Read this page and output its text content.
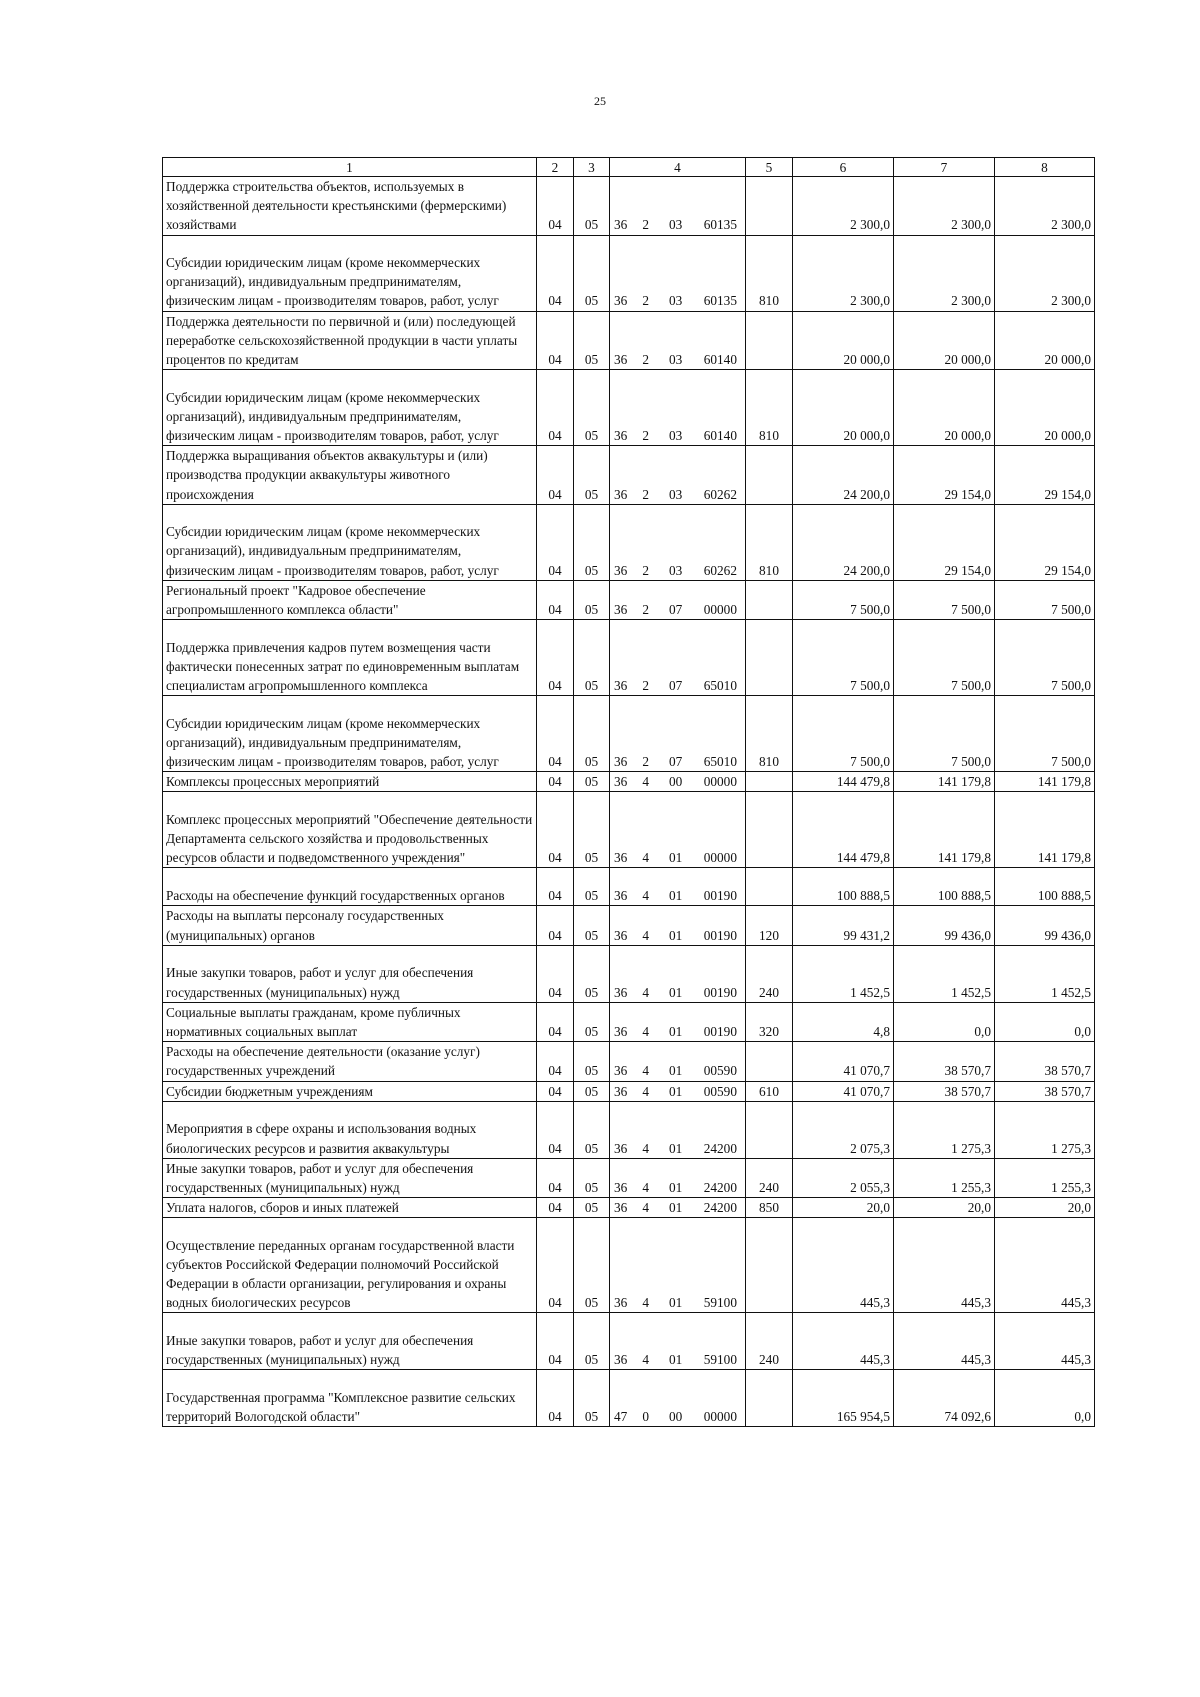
25
1	2	3	4	5	6	7	8
Поддержка строительства объектов, используемых в хозяйственной деятельности крестьянскими (фермерскими) хозяйствами	04	05	36 2 03 60135		2 300,0	2 300,0	2 300,0
Субсидии юридическим лицам (кроме некоммерческих организаций), индивидуальным предпринимателям, физическим лицам - производителям товаров, работ, услуг	04	05	36 2 03 60135	810	2 300,0	2 300,0	2 300,0
Поддержка деятельности по первичной и (или) последующей переработке сельскохозяйственной продукции в части уплаты процентов по кредитам	04	05	36 2 03 60140		20 000,0	20 000,0	20 000,0
Субсидии юридическим лицам (кроме некоммерческих организаций), индивидуальным предпринимателям, физическим лицам - производителям товаров, работ, услуг	04	05	36 2 03 60140	810	20 000,0	20 000,0	20 000,0
Поддержка выращивания объектов аквакультуры и (или) производства продукции аквакультуры животного происхождения	04	05	36 2 03 60262		24 200,0	29 154,0	29 154,0
Субсидии юридическим лицам (кроме некоммерческих организаций), индивидуальным предпринимателям, физическим лицам - производителям товаров, работ, услуг	04	05	36 2 03 60262	810	24 200,0	29 154,0	29 154,0
Региональный проект "Кадровое обеспечение агропромышленного комплекса области"	04	05	36 2 07 00000		7 500,0	7 500,0	7 500,0
Поддержка привлечения кадров путем возмещения части фактически понесенных затрат по единовременным выплатам специалистам агропромышленного комплекса	04	05	36 2 07 65010		7 500,0	7 500,0	7 500,0
Субсидии юридическим лицам (кроме некоммерческих организаций), индивидуальным предпринимателям, физическим лицам - производителям товаров, работ, услуг	04	05	36 2 07 65010	810	7 500,0	7 500,0	7 500,0
Комплексы процессных мероприятий	04	05	36 4 00 00000		144 479,8	141 179,8	141 179,8
Комплекс процессных мероприятий "Обеспечение деятельности Департамента сельского хозяйства и продовольственных ресурсов области и подведомственного учреждения"	04	05	36 4 01 00000		144 479,8	141 179,8	141 179,8
Расходы на обеспечение функций государственных органов	04	05	36 4 01 00190		100 888,5	100 888,5	100 888,5
Расходы на выплаты персоналу государственных (муниципальных) органов	04	05	36 4 01 00190	120	99 431,2	99 436,0	99 436,0
Иные закупки товаров, работ и услуг для обеспечения государственных (муниципальных) нужд	04	05	36 4 01 00190	240	1 452,5	1 452,5	1 452,5
Социальные выплаты гражданам, кроме публичных нормативных социальных выплат	04	05	36 4 01 00190	320	4,8	0,0	0,0
Расходы на обеспечение деятельности (оказание услуг) государственных учреждений	04	05	36 4 01 00590		41 070,7	38 570,7	38 570,7
Субсидии бюджетным учреждениям	04	05	36 4 01 00590	610	41 070,7	38 570,7	38 570,7
Мероприятия в сфере охраны и использования водных биологических ресурсов и развития аквакультуры	04	05	36 4 01 24200		2 075,3	1 275,3	1 275,3
Иные закупки товаров, работ и услуг для обеспечения государственных (муниципальных) нужд	04	05	36 4 01 24200	240	2 055,3	1 255,3	1 255,3
Уплата налогов, сборов и иных платежей	04	05	36 4 01 24200	850	20,0	20,0	20,0
Осуществление переданных органам государственной власти субъектов Российской Федерации полномочий Российской Федерации в области организации, регулирования и охраны водных биологических ресурсов	04	05	36 4 01 59100		445,3	445,3	445,3
Иные закупки товаров, работ и услуг для обеспечения государственных (муниципальных) нужд	04	05	36 4 01 59100	240	445,3	445,3	445,3
Государственная программа "Комплексное развитие сельских территорий Вологодской области"	04	05	47 0 00 00000		165 954,5	74 092,6	0,0
